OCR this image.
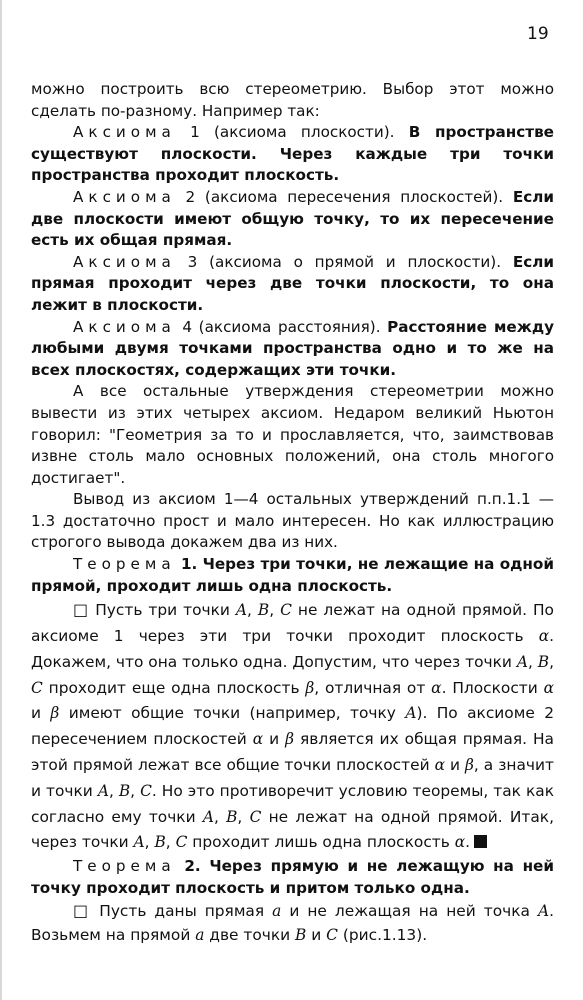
19

можно построить всю стереометрию. Выбор этот можно сделать по-разному. Например так:

Аксиома 1 (аксиома плоскости). В пространстве существуют плоскости. Через каждые три точки пространства проходит плоскость.

Аксиома 2 (аксиома пересечения плоскостей). Если две плоскости имеют общую точку, то их пересечение есть их общая прямая.

Аксиома 3 (аксиома о прямой и плоскости). Если прямая проходит через две точки плоскости, то она лежит в плоскости.

Аксиома 4 (аксиома расстояния). Расстояние между любыми двумя точками пространства одно и то же на всех плоскостях, содержащих эти точки.

А все остальные утверждения стереометрии можно вывести из этих четырех аксиом. Недаром великий Ньютон говорил: "Геометрия за то и прославляется, что, заимствовав извне столь мало основных положений, она столь многого достигает".

Вывод из аксиом 1—4 остальных утверждений п.п.1.1 — 1.3 достаточно прост и мало интересен. Но как иллюстрацию строгого вывода докажем два из них.

Теорема 1. Через три точки, не лежащие на одной прямой, проходит лишь одна плоскость.

□ Пусть три точки A, B, C не лежат на одной прямой. По аксиоме 1 через эти три точки проходит плоскость α. Докажем, что она только одна. Допустим, что через точки A, B, C проходит еще одна плоскость β, отличная от α. Плоскости α и β имеют общие точки (например, точку A). По аксиоме 2 пересечением плоскостей α и β является их общая прямая. На этой прямой лежат все общие точки плоскостей α и β, а значит и точки A, B, C. Но это противоречит условию теоремы, так как согласно ему точки A, B, C не лежат на одной прямой. Итак, через точки A, B, C проходит лишь одна плоскость α.

Теорема 2. Через прямую и не лежащую на ней точку проходит плоскость и притом только одна.

□ Пусть даны прямая a и не лежащая на ней точка A. Возьмем на прямой a две точки B и C (рис.1.13).
